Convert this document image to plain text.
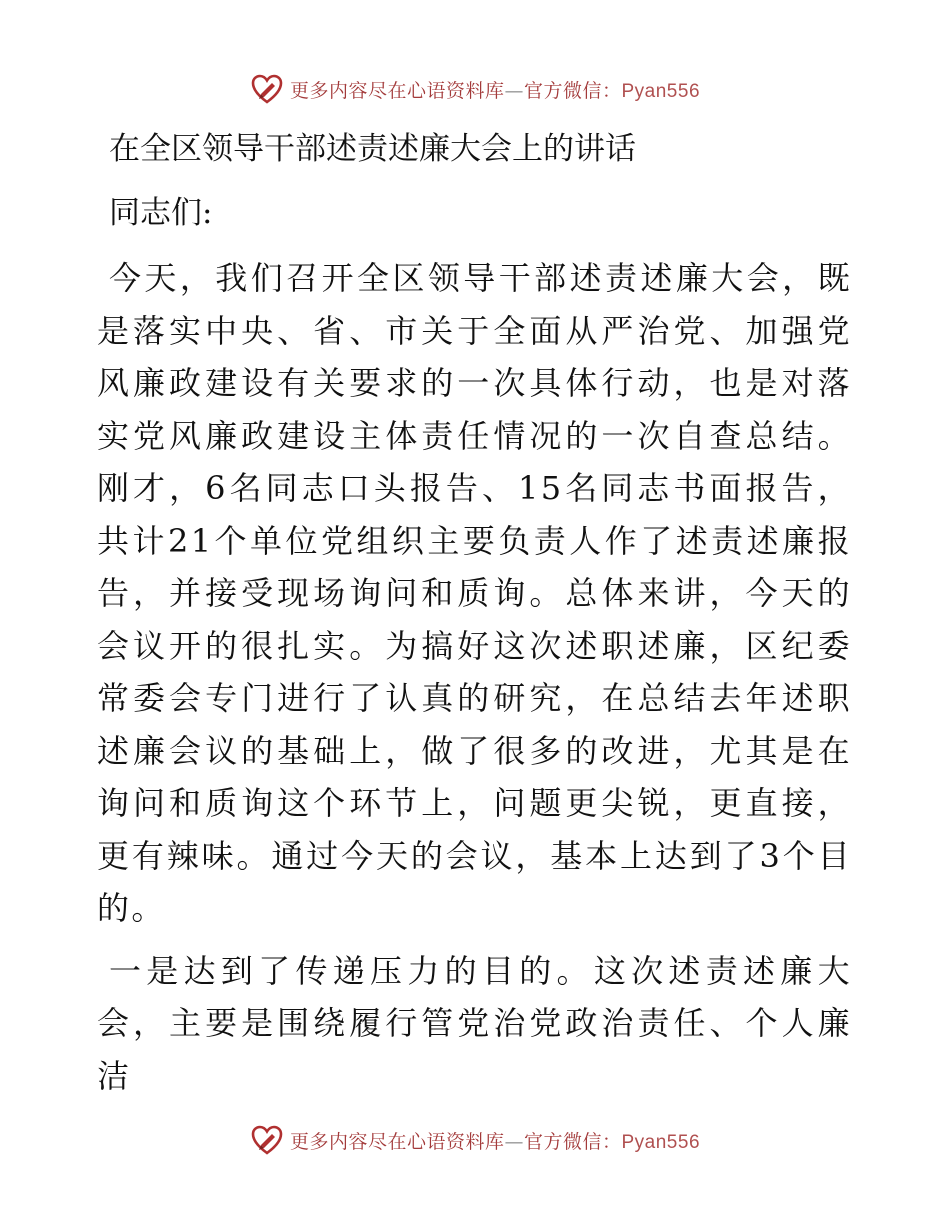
更多内容尽在心语资料库—官方微信：Pyan556
在全区领导干部述责述廉大会上的讲话

同志们:

今天，我们召开全区领导干部述责述廉大会，既是落实中央、省、市关于全面从严治党、加强党风廉政建设有关要求的一次具体行动，也是对落实党风廉政建设主体责任情况的一次自查总结。刚才，6名同志口头报告、15名同志书面报告，共计21个单位党组织主要负责人作了述责述廉报告，并接受现场询问和质询。总体来讲，今天的会议开的很扎实。为搞好这次述职述廉，区纪委常委会专门进行了认真的研究，在总结去年述职述廉会议的基础上，做了很多的改进，尤其是在询问和质询这个环节上，问题更尖锐，更直接，更有辣味。通过今天的会议，基本上达到了3个目的。

一是达到了传递压力的目的。这次述责述廉大会，主要是围绕履行管党治党政治责任、个人廉洁

更多内容尽在心语资料库—官方微信：Pyan556
